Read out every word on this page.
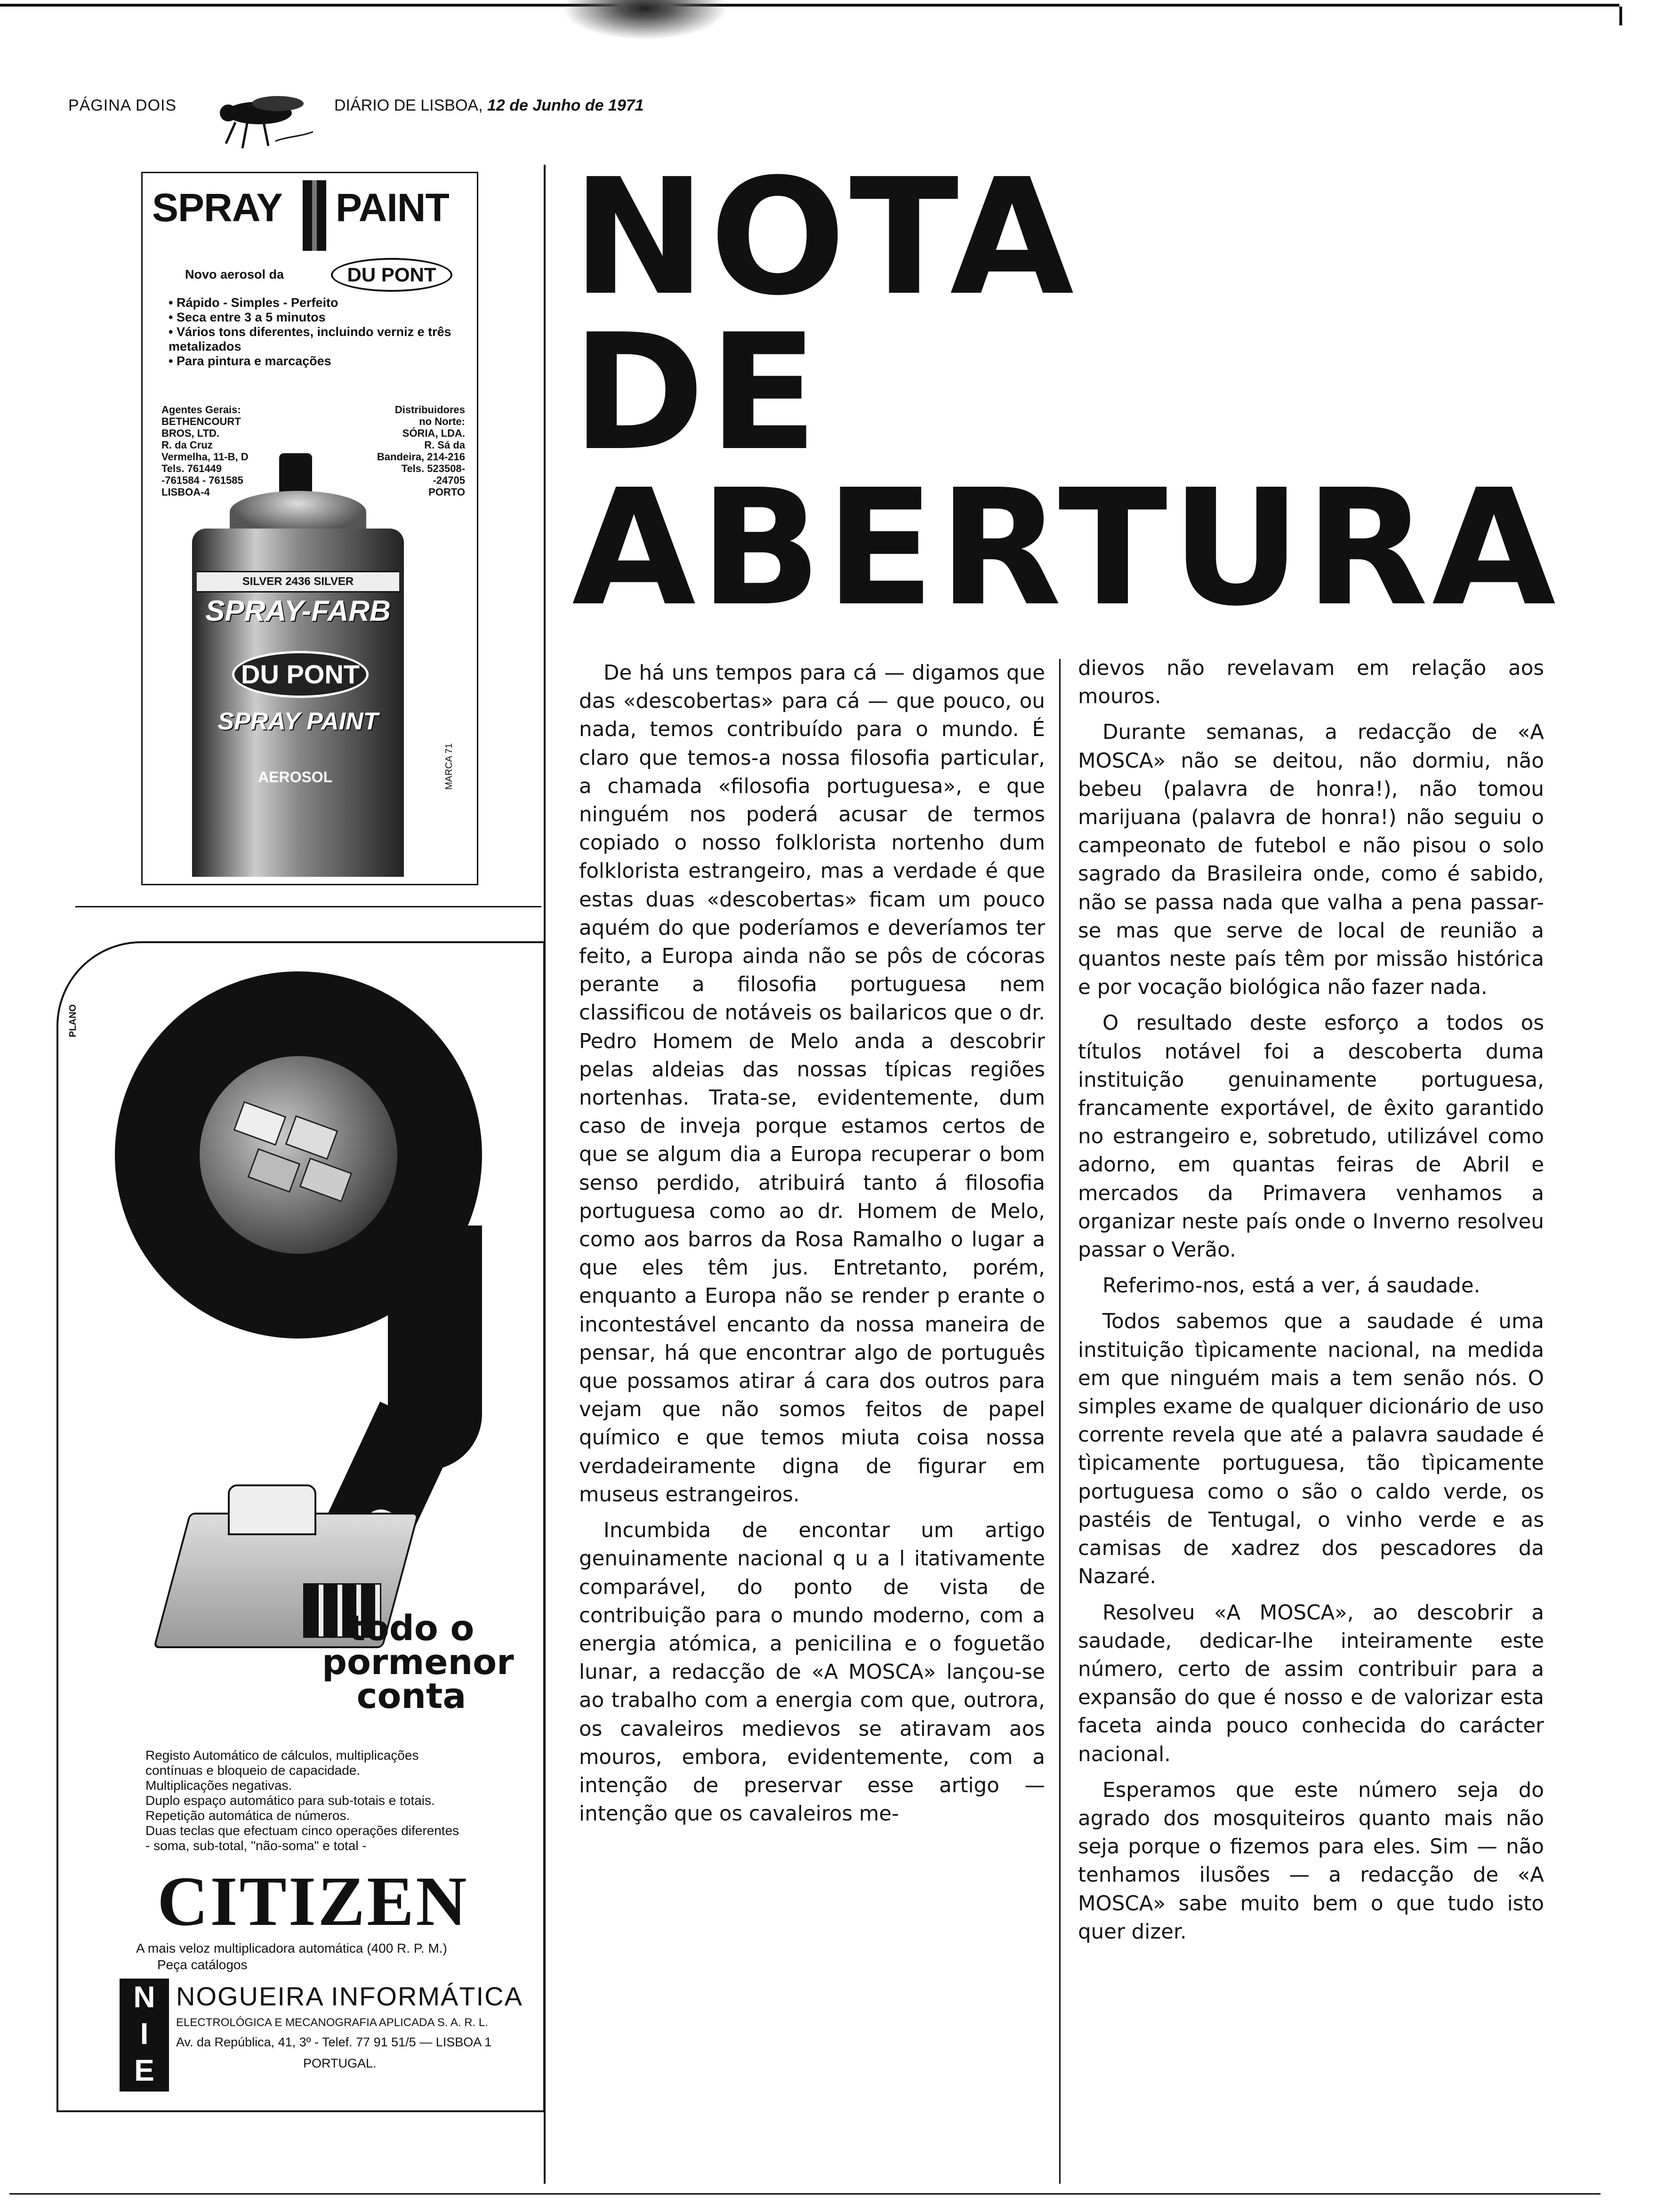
PÁGINA DOIS	DIÁRIO DE LISBOA, 12 de Junho de 1971
SPRAY PAINT
Novo aerosol da	DU PONT
• Rápido - Simples - Perfeito
• Seca entre 3 a 5 minutos
• Vários tons diferentes, incluindo verniz e três metalizados
• Para pintura e marcações
Agentes Gerais:
BETHENCOURT
BROS, LTD.
R. da Cruz
Vermelha, 11-B, D
Tels. 761449
-761584 - 761585
LISBOA-4
Distribuidores
no Norte:
SÓRIA, LDA.
R. Sá da
Bandeira, 214-216
Tels. 523508-
-24705
PORTO
SILVER 2436 SILVER
SPRAY-FARB
DU PONT
SPRAY PAINT
AEROSOL	MARCA 71
PLANO
todo o
pormenor
conta
Registo Automático de cálculos, multiplicações
contínuas e bloqueio de capacidade.
Multiplicações negativas.
Duplo espaço automático para sub-totais e totais.
Repetição automática de números.
Duas teclas que efectuam cinco operações diferentes
- soma, sub-total, "não-soma" e total -
CITIZEN
A mais veloz multiplicadora automática (400 R. P. M.)
Peça catálogos
N
I
E
NOGUEIRA INFORMÁTICA
ELECTROLÓGICA E MECANOGRAFIA APLICADA S. A. R. L.
Av. da República, 41, 3º - Telef. 77 91 51/5 — LISBOA 1
PORTUGAL.
NOTA
DE
ABERTURA

De há uns tempos para cá — digamos que das «descobertas» para cá — que pouco, ou nada, temos contribuído para o mundo. É claro que temos-a nossa filosofia particular, a chamada «filosofia portuguesa», e que ninguém nos poderá acusar de termos copiado o nosso folklorista nortenho dum folklorista estrangeiro, mas a verdade é que estas duas «descobertas» ficam um pouco aquém do que poderíamos e deveríamos ter feito, a Europa ainda não se pôs de cócoras perante a filosofia portuguesa nem classificou de notáveis os bailaricos que o dr. Pedro Homem de Melo anda a descobrir pelas aldeias das nossas típicas regiões nortenhas. Trata-se, evidentemente, dum caso de inveja porque estamos certos de que se algum dia a Europa recuperar o bom senso perdido, atribuirá tanto á filosofia portuguesa como ao dr. Homem de Melo, como aos barros da Rosa Ramalho o lugar a que eles têm jus. Entretanto, porém, enquanto a Europa não se render p erante o incontestável encanto da nossa maneira de pensar, há que encontrar algo de português que possamos atirar á cara dos outros para vejam que não somos feitos de papel químico e que temos miuta coisa nossa verdadeiramente digna de figurar em museus estrangeiros.

Incumbida de encontar um artigo genuinamente nacional q u a l itativamente comparável, do ponto de vista de contribuição para o mundo moderno, com a energia atómica, a penicilina e o foguetão lunar, a redacção de «A MOSCA» lançou-se ao trabalho com a energia com que, outrora, os cavaleiros medievos se atiravam aos mouros, embora, evidentemente, com a intenção de preservar esse artigo — intenção que os cavaleiros me-

dievos não revelavam em relação aos mouros.

Durante semanas, a redacção de «A MOSCA» não se deitou, não dormiu, não bebeu (palavra de honra!), não tomou marijuana (palavra de honra!) não seguiu o campeonato de futebol e não pisou o solo sagrado da Brasileira onde, como é sabido, não se passa nada que valha a pena passar-se mas que serve de local de reunião a quantos neste país têm por missão histórica e por vocação biológica não fazer nada.

O resultado deste esforço a todos os títulos notável foi a descoberta duma instituição genuinamente portuguesa, francamente exportável, de êxito garantido no estrangeiro e, sobretudo, utilizável como adorno, em quantas feiras de Abril e mercados da Primavera venhamos a organizar neste país onde o Inverno resolveu passar o Verão.

Referimo-nos, está a ver, á saudade.

Todos sabemos que a saudade é uma instituição tìpicamente nacional, na medida em que ninguém mais a tem senão nós. O simples exame de qualquer dicionário de uso corrente revela que até a palavra saudade é tìpicamente portuguesa, tão tìpicamente portuguesa como o são o caldo verde, os pastéis de Tentugal, o vinho verde e as camisas de xadrez dos pescadores da Nazaré.

Resolveu «A MOSCA», ao descobrir a saudade, dedicar-lhe inteiramente este número, certo de assim contribuir para a expansão do que é nosso e de valorizar esta faceta ainda pouco conhecida do carácter nacional.

Esperamos que este número seja do agrado dos mosquiteiros quanto mais não seja porque o fizemos para eles. Sim — não tenhamos ilusões — a redacção de «A MOSCA» sabe muito bem o que tudo isto quer dizer.
